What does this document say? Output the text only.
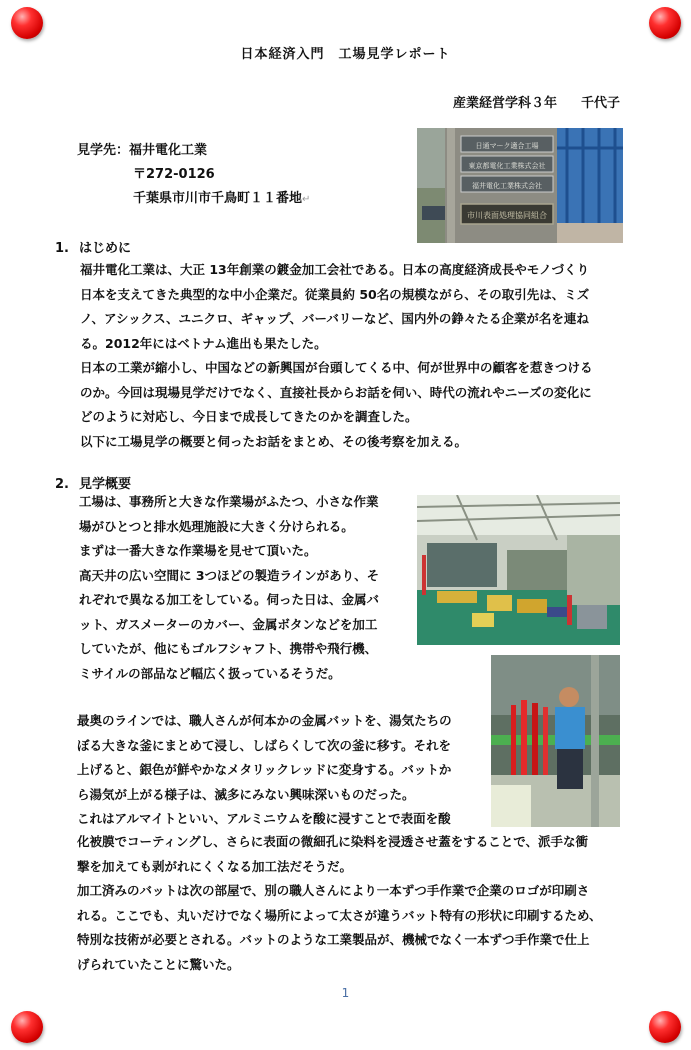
日本経済入門　工場見学レポート
産業経営学科３年 千代子
見学先：福井電化工業
〒272-0126
千葉県市川市千鳥町１１番地↵
日通マーク適合工場
東京都電化工業株式会社
福井電化工業株式会社
市川表面処理協同組合
1. はじめに
福井電化工業は、大正 13年創業の鍍金加工会社である。日本の高度経済成長やモノづくり
日本を支えてきた典型的な中小企業だ。従業員約 50名の規模ながら、その取引先は、ミズ
ノ、アシックス、ユニクロ、ギャップ、バーバリーなど、国内外の錚々たる企業が名を連ね
る。2012年にはベトナム進出も果たした。
日本の工業が縮小し、中国などの新興国が台頭してくる中、何が世界中の顧客を惹きつける
のか。今回は現場見学だけでなく、直接社長からお話を伺い、時代の流れやニーズの変化に
どのように対応し、今日まで成長してきたのかを調査した。
以下に工場見学の概要と伺ったお話をまとめ、その後考察を加える。
2. 見学概要
工場は、事務所と大きな作業場がふたつ、小さな作業
場がひとつと排水処理施設に大きく分けられる。
まずは一番大きな作業場を見せて頂いた。
高天井の広い空間に 3つほどの製造ラインがあり、そ
れぞれで異なる加工をしている。伺った日は、金属バ
ット、ガスメーターのカバー、金属ボタンなどを加工
していたが、他にもゴルフシャフト、携帯や飛行機、
ミサイルの部品など幅広く扱っているそうだ。
最奥のラインでは、職人さんが何本かの金属バットを、湯気たちの
ぼる大きな釜にまとめて浸し、しばらくして次の釜に移す。それを
上げると、銀色が鮮やかなメタリックレッドに変身する。バットか
ら湯気が上がる様子は、滅多にみない興味深いものだった。
これはアルマイトといい、アルミニウムを酸に浸すことで表面を酸
化被膜でコーティングし、さらに表面の微細孔に染料を浸透させ蓋をすることで、派手な衝
撃を加えても剥がれにくくなる加工法だそうだ。
加工済みのバットは次の部屋で、別の職人さんにより一本ずつ手作業で企業のロゴが印刷さ
れる。ここでも、丸いだけでなく場所によって太さが違うバット特有の形状に印刷するため、
特別な技術が必要とされる。バットのような工業製品が、機械でなく一本ずつ手作業で仕上
げられていたことに驚いた。
1
